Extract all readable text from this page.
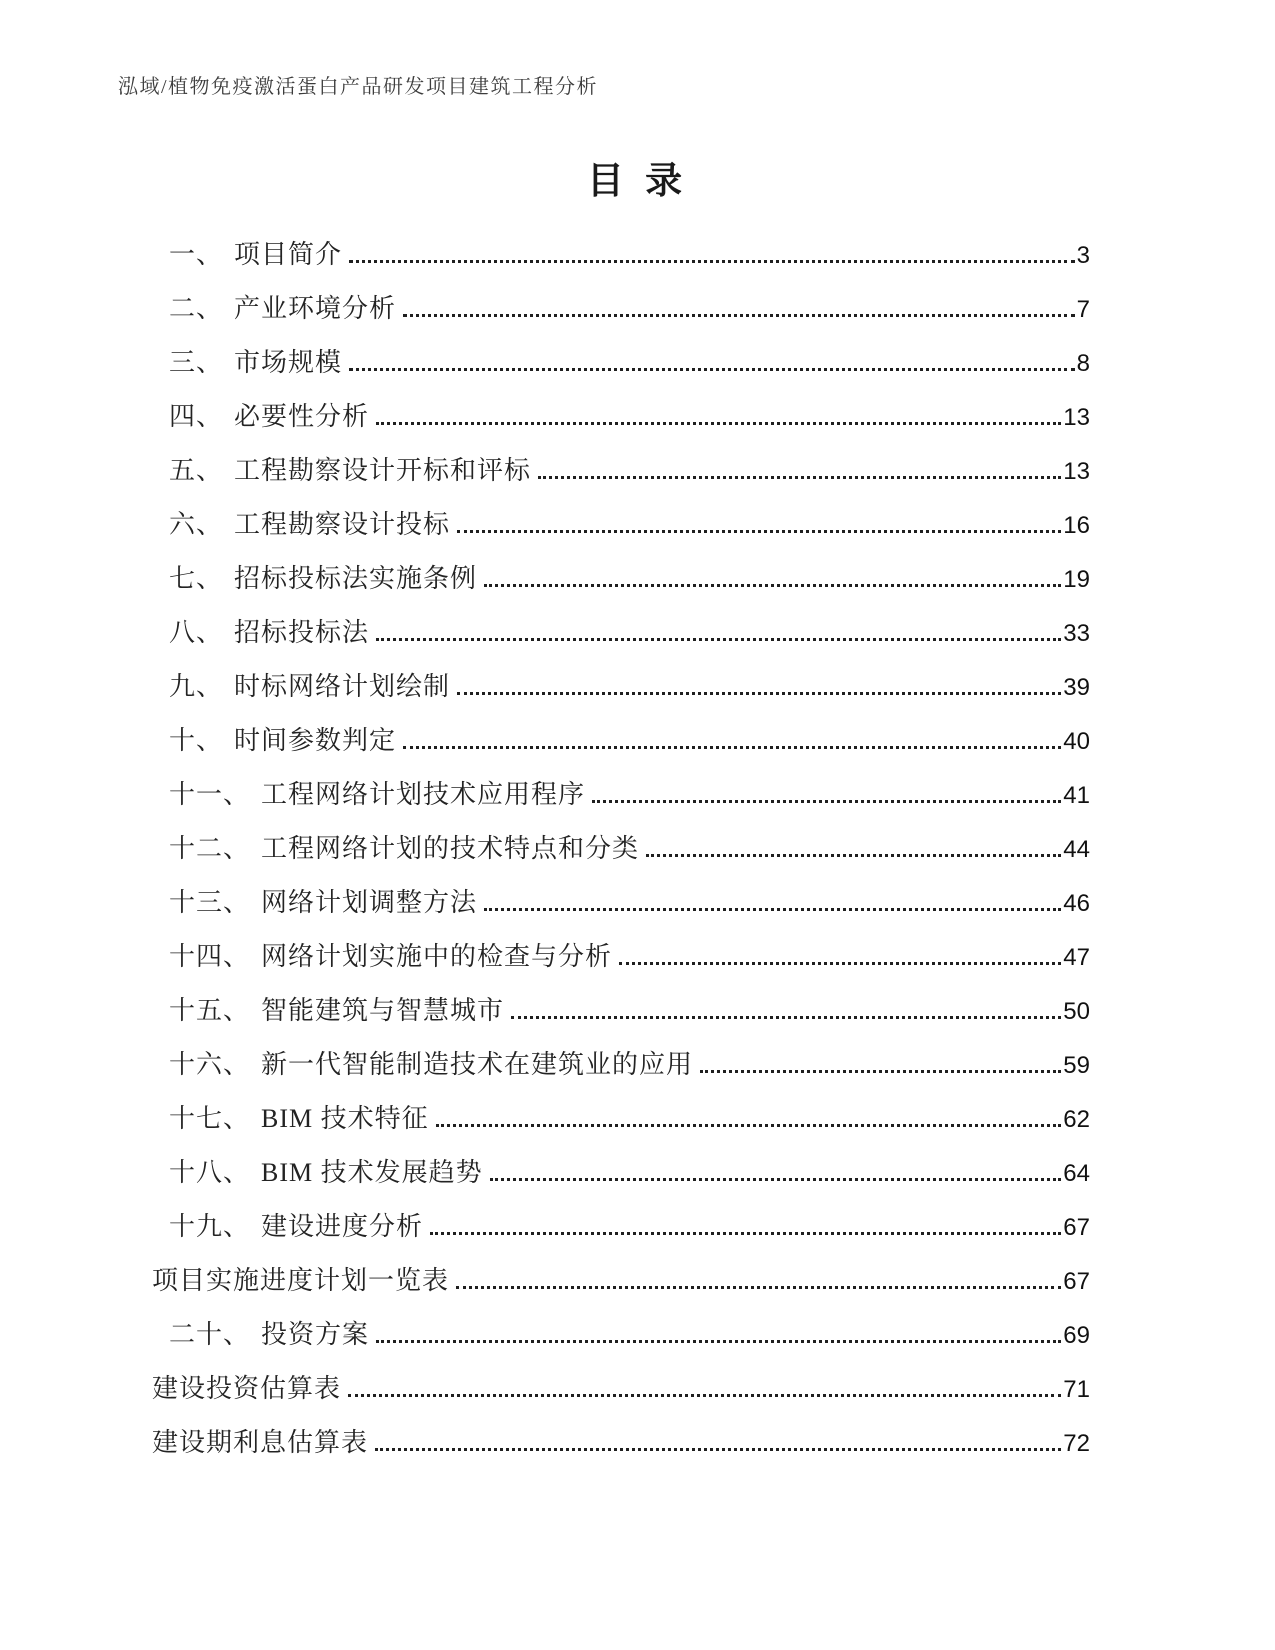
泓域/植物免疫激活蛋白产品研发项目建筑工程分析
目 录
一、 项目简介	3
二、 产业环境分析	7
三、 市场规模	8
四、 必要性分析	13
五、 工程勘察设计开标和评标	13
六、 工程勘察设计投标	16
七、 招标投标法实施条例	19
八、 招标投标法	33
九、 时标网络计划绘制	39
十、 时间参数判定	40
十一、 工程网络计划技术应用程序	41
十二、 工程网络计划的技术特点和分类	44
十三、 网络计划调整方法	46
十四、 网络计划实施中的检查与分析	47
十五、 智能建筑与智慧城市	50
十六、 新一代智能制造技术在建筑业的应用	59
十七、 BIM 技术特征	62
十八、 BIM 技术发展趋势	64
十九、 建设进度分析	67
项目实施进度计划一览表	67
二十、 投资方案	69
建设投资估算表	71
建设期利息估算表	72
